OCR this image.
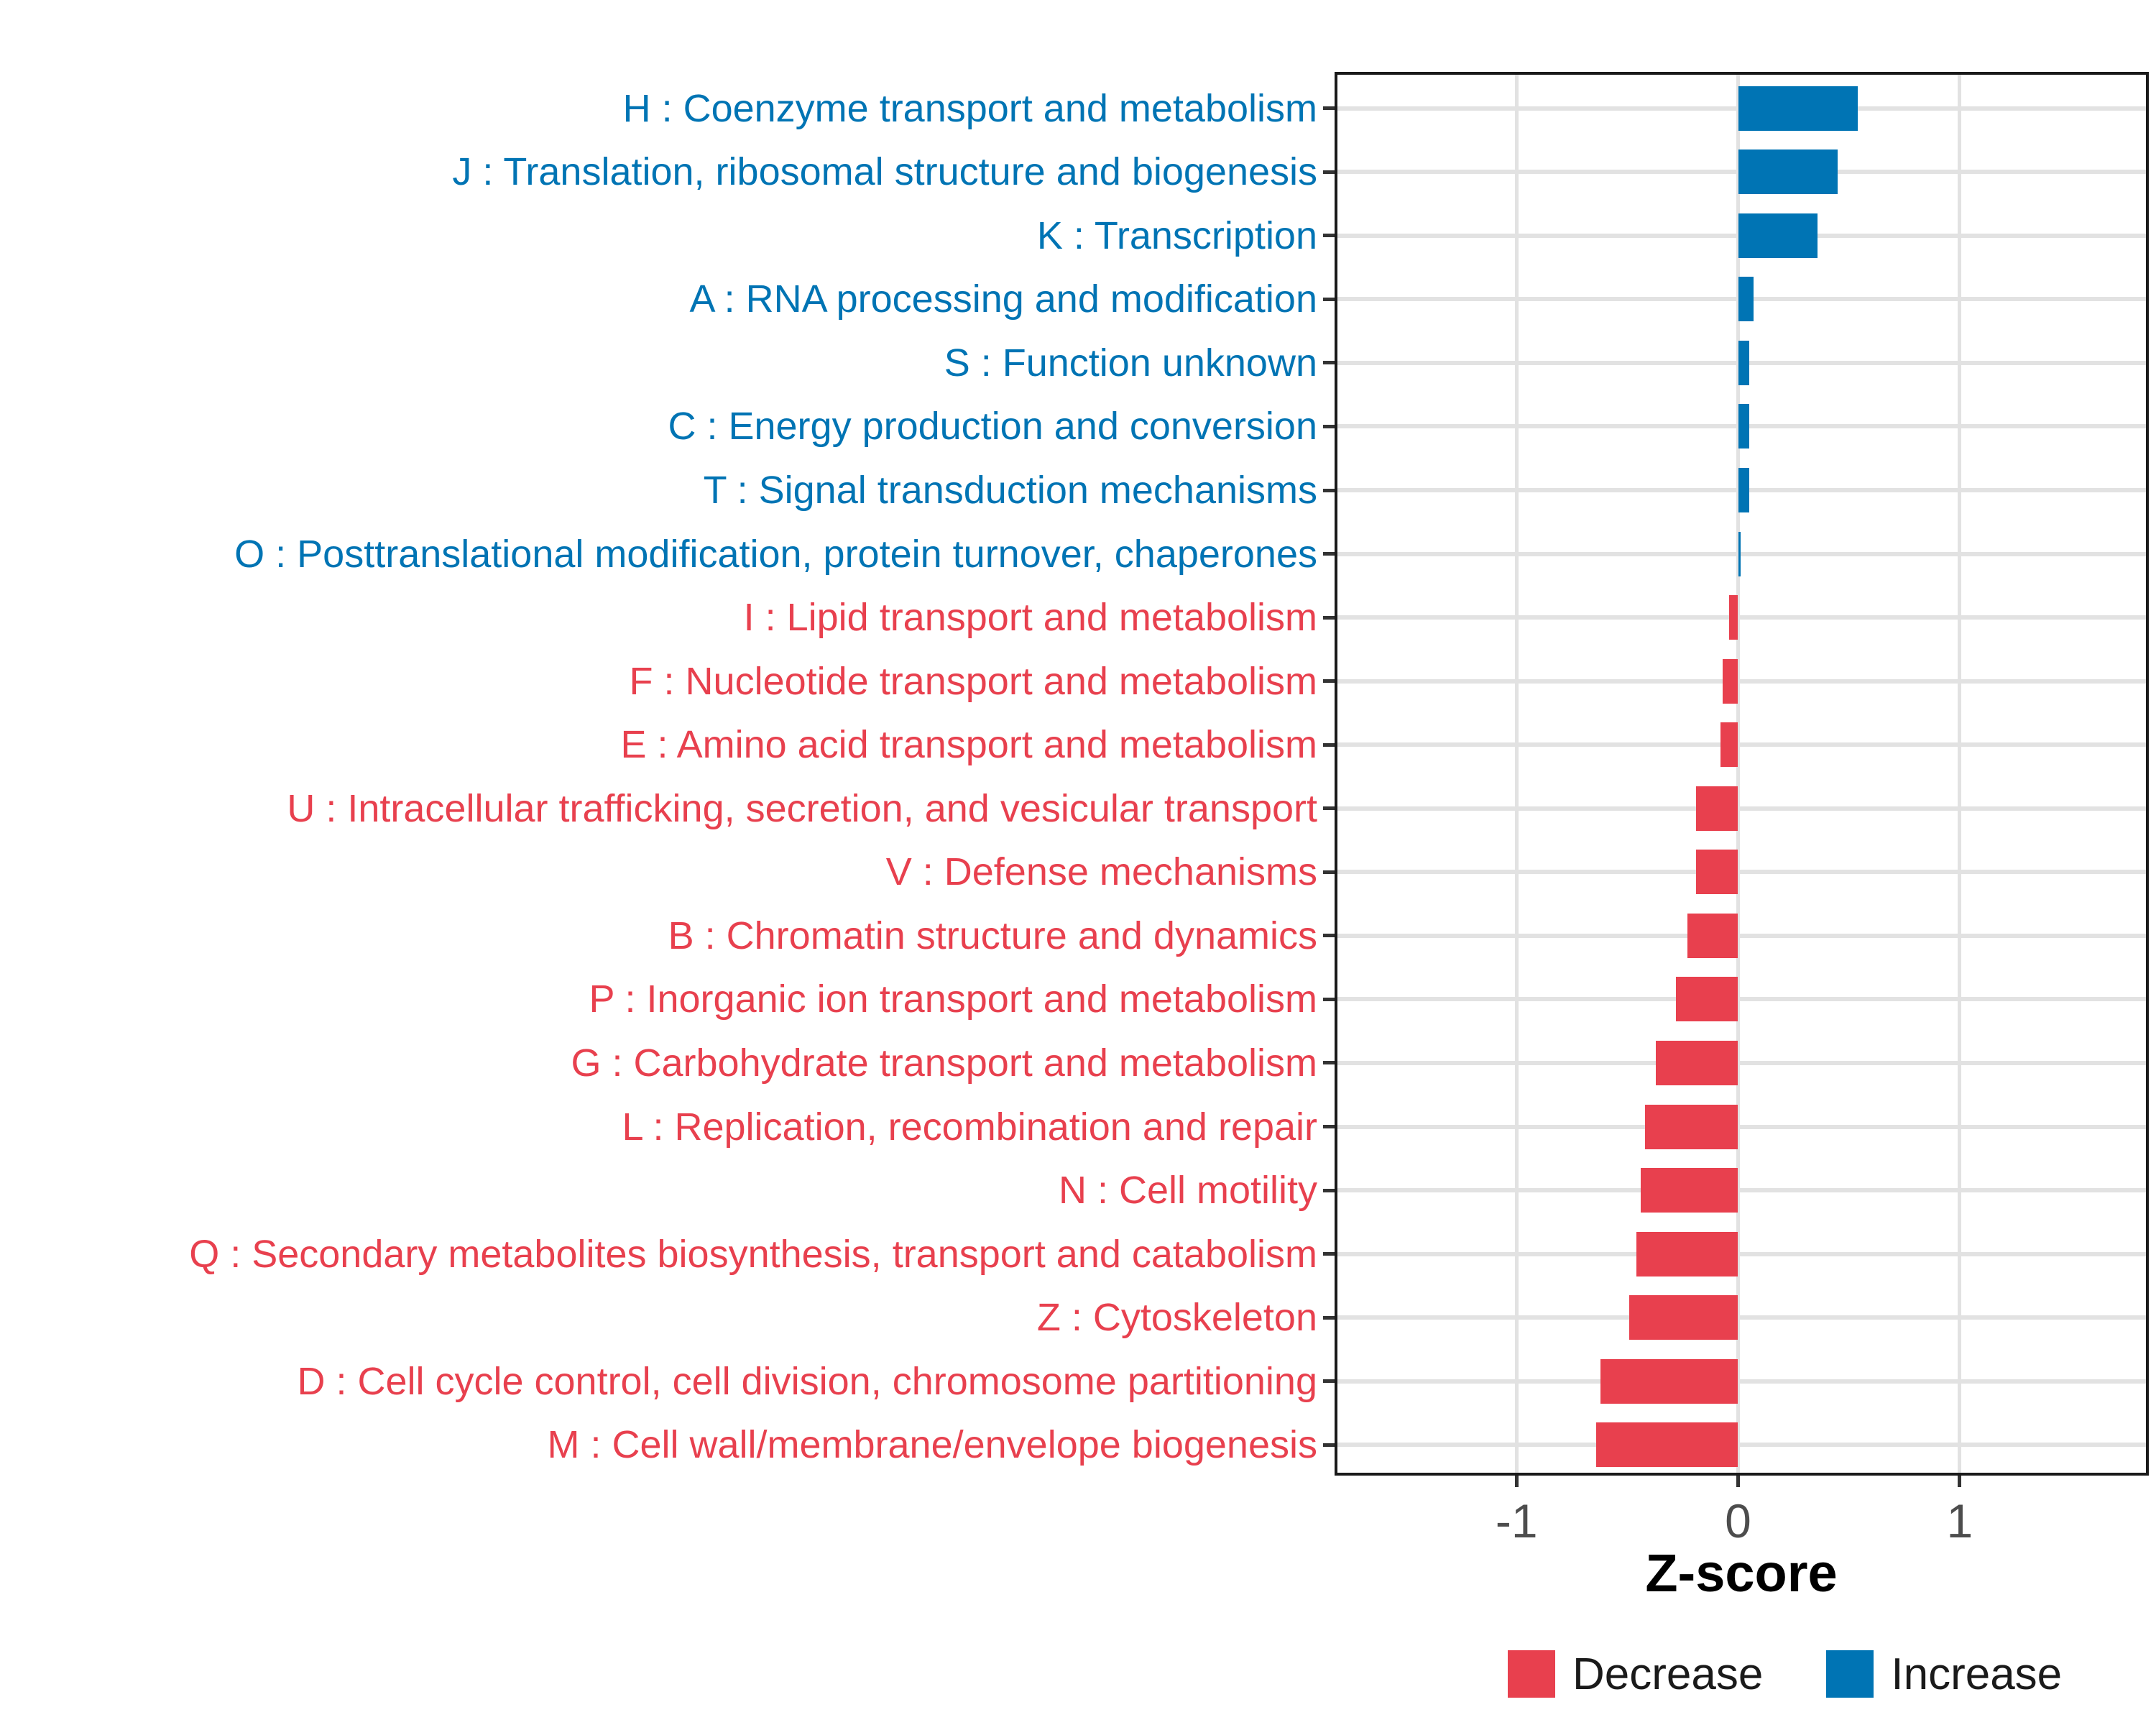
H : Coenzyme transport and metabolism
J : Translation, ribosomal structure and biogenesis
K : Transcription
A : RNA processing and modification
S : Function unknown
C : Energy production and conversion
T : Signal transduction mechanisms
O : Posttranslational modification, protein turnover, chaperones
I : Lipid transport and metabolism
F : Nucleotide transport and metabolism
E : Amino acid transport and metabolism
U : Intracellular trafficking, secretion, and vesicular transport
V : Defense mechanisms
B : Chromatin structure and dynamics
P : Inorganic ion transport and metabolism
G : Carbohydrate transport and metabolism
L : Replication, recombination and repair
N : Cell motility
Q : Secondary metabolites biosynthesis, transport and catabolism
Z : Cytoskeleton
D : Cell cycle control, cell division, chromosome partitioning
M : Cell wall/membrane/envelope biogenesis
-1	0	1
Z-score
Decrease	Increase
